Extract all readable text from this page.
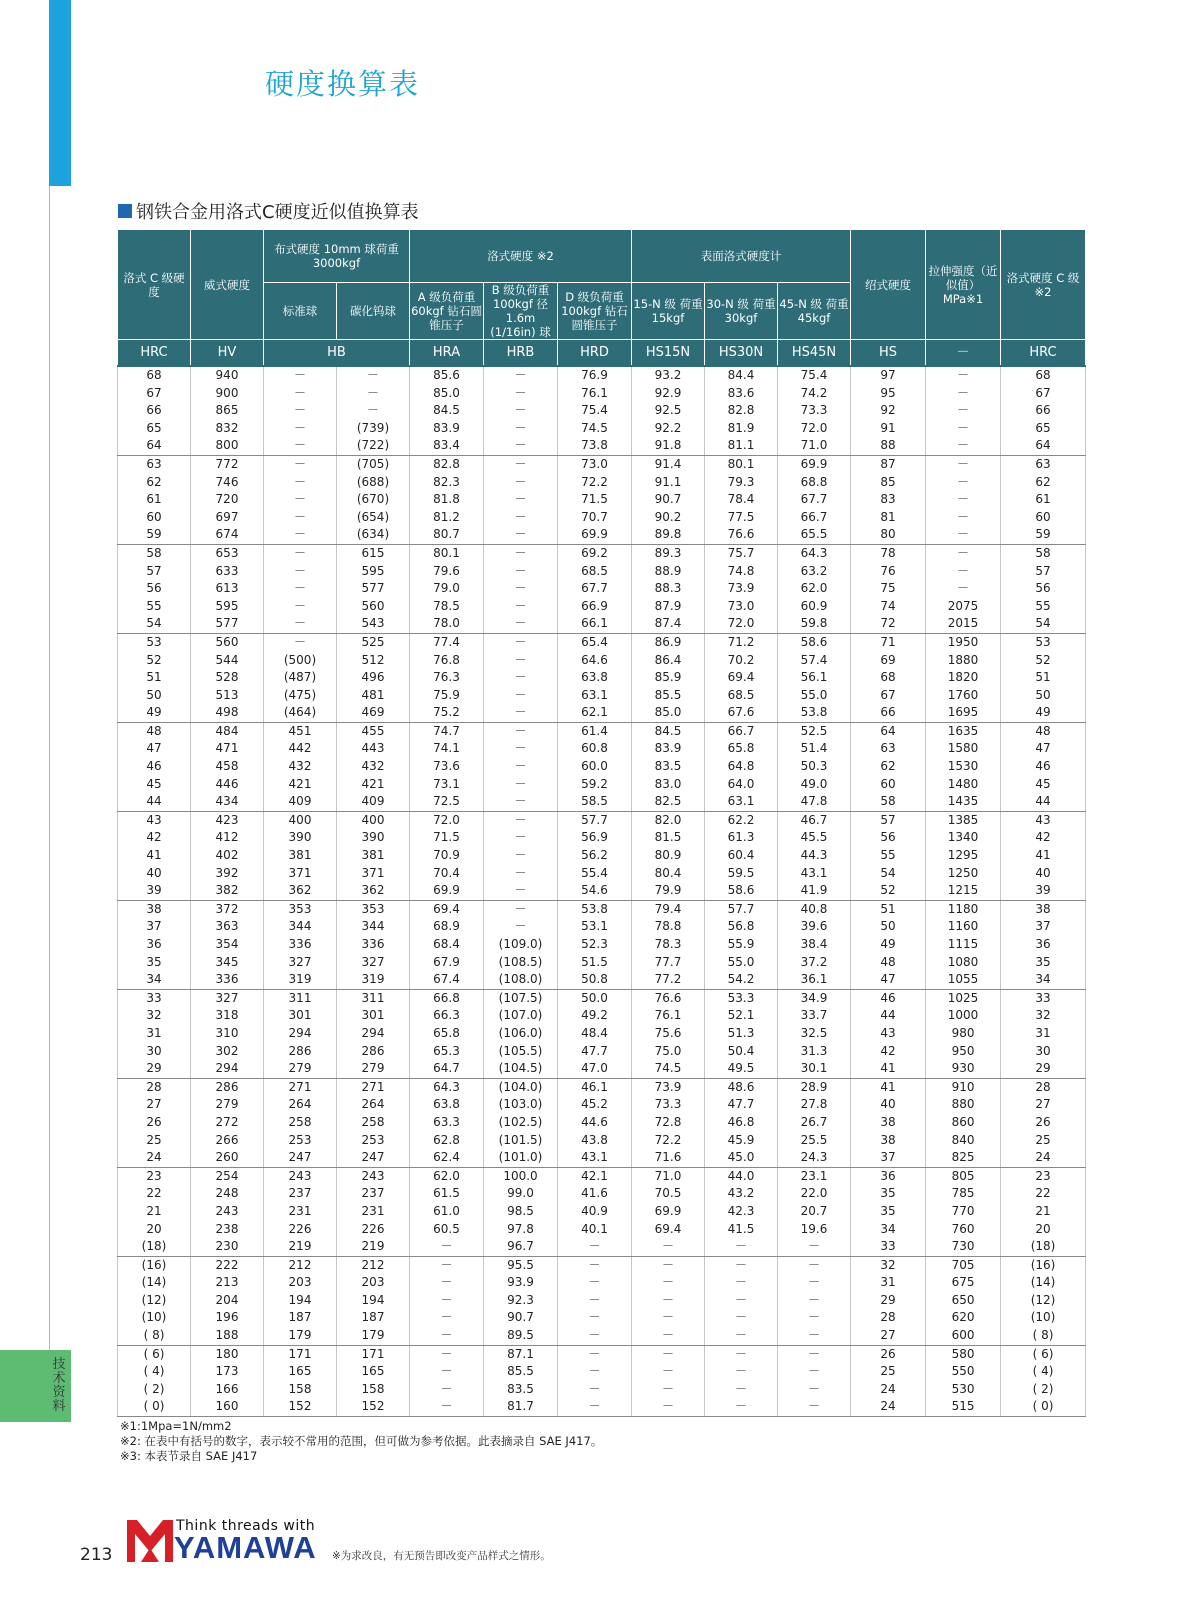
技术资料
硬度换算表
钢铁合金用洛式C硬度近似值换算表
洛式 C 级硬度	威式硬度	布式硬度 10mm 球荷重 3000kgf		洛式硬度 ※2			表面洛式硬度计			绍式硬度	拉伸强度（近似值）MPa※1	洛式硬度 C 级※2
		标准球	碳化钨球	A 级负荷重 60kgf 钻石圆锥压子	B 级负荷重 100kgf 径 1.6m (1/16in) 球	D 级负荷重 100kgf 钻石圆锥压子	15-N 级 荷重 15kgf	30-N 级 荷重 30kgf	45-N 级 荷重 45kgf			
HRC	HV	HB		HRA	HRB	HRD	HS15N	HS30N	HS45N	HS	－	HRC
68	940	－	－	85.6	－	76.9	93.2	84.4	75.4	97	－	68
67	900	－	－	85.0	－	76.1	92.9	83.6	74.2	95	－	67
66	865	－	－	84.5	－	75.4	92.5	82.8	73.3	92	－	66
65	832	－	(739)	83.9	－	74.5	92.2	81.9	72.0	91	－	65
64	800	－	(722)	83.4	－	73.8	91.8	81.1	71.0	88	－	64
63	772	－	(705)	82.8	－	73.0	91.4	80.1	69.9	87	－	63
62	746	－	(688)	82.3	－	72.2	91.1	79.3	68.8	85	－	62
61	720	－	(670)	81.8	－	71.5	90.7	78.4	67.7	83	－	61
60	697	－	(654)	81.2	－	70.7	90.2	77.5	66.7	81	－	60
59	674	－	(634)	80.7	－	69.9	89.8	76.6	65.5	80	－	59
58	653	－	615	80.1	－	69.2	89.3	75.7	64.3	78	－	58
57	633	－	595	79.6	－	68.5	88.9	74.8	63.2	76	－	57
56	613	－	577	79.0	－	67.7	88.3	73.9	62.0	75	－	56
55	595	－	560	78.5	－	66.9	87.9	73.0	60.9	74	2075	55
54	577	－	543	78.0	－	66.1	87.4	72.0	59.8	72	2015	54
53	560	－	525	77.4	－	65.4	86.9	71.2	58.6	71	1950	53
52	544	(500)	512	76.8	－	64.6	86.4	70.2	57.4	69	1880	52
51	528	(487)	496	76.3	－	63.8	85.9	69.4	56.1	68	1820	51
50	513	(475)	481	75.9	－	63.1	85.5	68.5	55.0	67	1760	50
49	498	(464)	469	75.2	－	62.1	85.0	67.6	53.8	66	1695	49
48	484	451	455	74.7	－	61.4	84.5	66.7	52.5	64	1635	48
47	471	442	443	74.1	－	60.8	83.9	65.8	51.4	63	1580	47
46	458	432	432	73.6	－	60.0	83.5	64.8	50.3	62	1530	46
45	446	421	421	73.1	－	59.2	83.0	64.0	49.0	60	1480	45
44	434	409	409	72.5	－	58.5	82.5	63.1	47.8	58	1435	44
43	423	400	400	72.0	－	57.7	82.0	62.2	46.7	57	1385	43
42	412	390	390	71.5	－	56.9	81.5	61.3	45.5	56	1340	42
41	402	381	381	70.9	－	56.2	80.9	60.4	44.3	55	1295	41
40	392	371	371	70.4	－	55.4	80.4	59.5	43.1	54	1250	40
39	382	362	362	69.9	－	54.6	79.9	58.6	41.9	52	1215	39
38	372	353	353	69.4	－	53.8	79.4	57.7	40.8	51	1180	38
37	363	344	344	68.9	－	53.1	78.8	56.8	39.6	50	1160	37
36	354	336	336	68.4	(109.0)	52.3	78.3	55.9	38.4	49	1115	36
35	345	327	327	67.9	(108.5)	51.5	77.7	55.0	37.2	48	1080	35
34	336	319	319	67.4	(108.0)	50.8	77.2	54.2	36.1	47	1055	34
33	327	311	311	66.8	(107.5)	50.0	76.6	53.3	34.9	46	1025	33
32	318	301	301	66.3	(107.0)	49.2	76.1	52.1	33.7	44	1000	32
31	310	294	294	65.8	(106.0)	48.4	75.6	51.3	32.5	43	980	31
30	302	286	286	65.3	(105.5)	47.7	75.0	50.4	31.3	42	950	30
29	294	279	279	64.7	(104.5)	47.0	74.5	49.5	30.1	41	930	29
28	286	271	271	64.3	(104.0)	46.1	73.9	48.6	28.9	41	910	28
27	279	264	264	63.8	(103.0)	45.2	73.3	47.7	27.8	40	880	27
26	272	258	258	63.3	(102.5)	44.6	72.8	46.8	26.7	38	860	26
25	266	253	253	62.8	(101.5)	43.8	72.2	45.9	25.5	38	840	25
24	260	247	247	62.4	(101.0)	43.1	71.6	45.0	24.3	37	825	24
23	254	243	243	62.0	100.0	42.1	71.0	44.0	23.1	36	805	23
22	248	237	237	61.5	99.0	41.6	70.5	43.2	22.0	35	785	22
21	243	231	231	61.0	98.5	40.9	69.9	42.3	20.7	35	770	21
20	238	226	226	60.5	97.8	40.1	69.4	41.5	19.6	34	760	20
(18)	230	219	219	－	96.7	－	－	－	－	33	730	(18)
(16)	222	212	212	－	95.5	－	－	－	－	32	705	(16)
(14)	213	203	203	－	93.9	－	－	－	－	31	675	(14)
(12)	204	194	194	－	92.3	－	－	－	－	29	650	(12)
(10)	196	187	187	－	90.7	－	－	－	－	28	620	(10)
( 8)	188	179	179	－	89.5	－	－	－	－	27	600	( 8)
( 6)	180	171	171	－	87.1	－	－	－	－	26	580	( 6)
( 4)	173	165	165	－	85.5	－	－	－	－	25	550	( 4)
( 2)	166	158	158	－	83.5	－	－	－	－	24	530	( 2)
( 0)	160	152	152	－	81.7	－	－	－	－	24	515	( 0)
※1:1Mpa=1N/mm2
※2: 在表中有括号的数字，表示较不常用的范围，但可做为参考依据。此表摘录自 SAE J417。
※3: 本表节录自 SAE J417
213
Think threads with
YAMAWA ※为求改良，有无预告即改变产品样式之情形。
